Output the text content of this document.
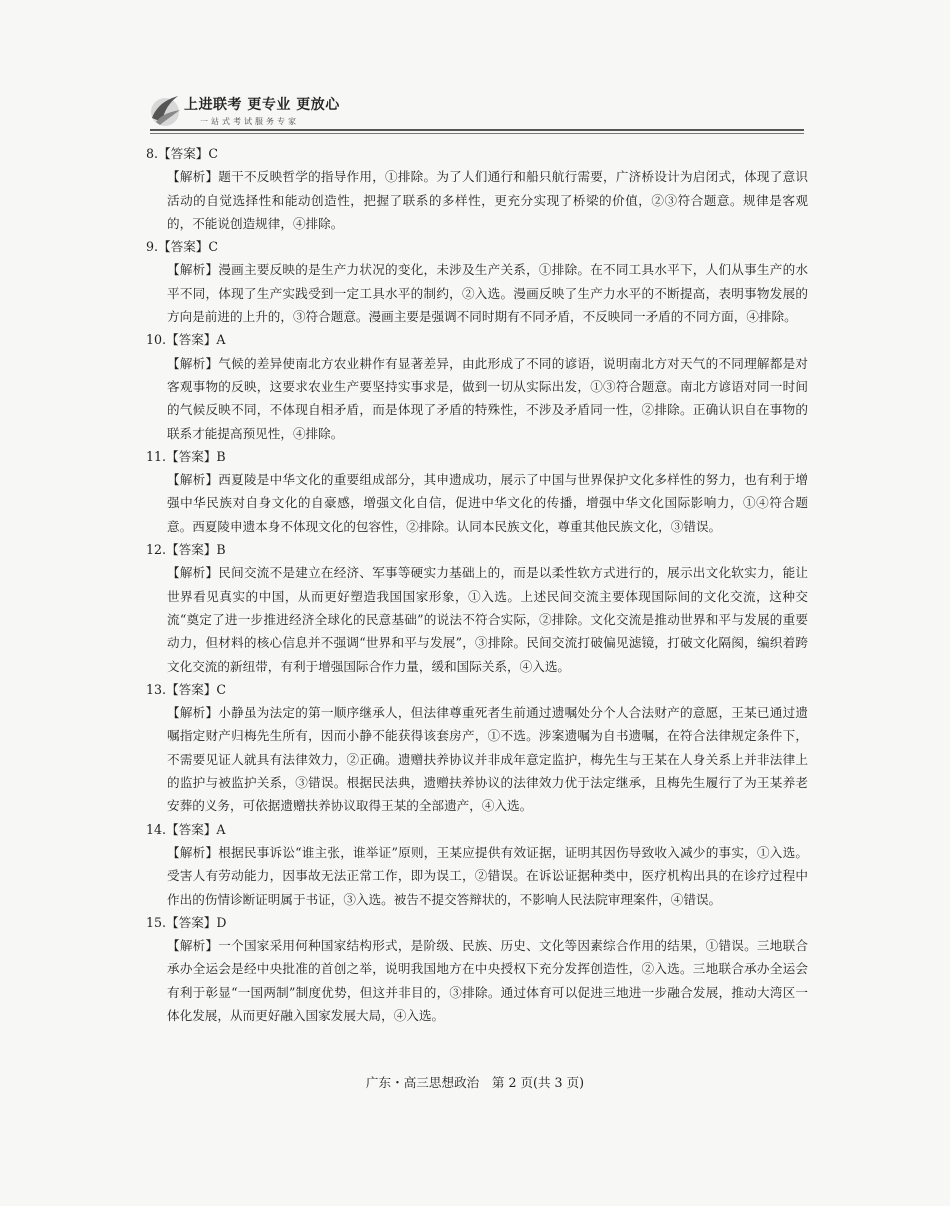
上进联考 更专业 更放心
一站式考试服务专家
8.【答案】C
【解析】题干不反映哲学的指导作用，①排除。为了人们通行和船只航行需要，广济桥设计为启闭式，体现了意识活动的自觉选择性和能动创造性，把握了联系的多样性，更充分实现了桥梁的价值，②③符合题意。规律是客观的，不能说创造规律，④排除。
9.【答案】C
【解析】漫画主要反映的是生产力状况的变化，未涉及生产关系，①排除。在不同工具水平下，人们从事生产的水平不同，体现了生产实践受到一定工具水平的制约，②入选。漫画反映了生产力水平的不断提高，表明事物发展的方向是前进的上升的，③符合题意。漫画主要是强调不同时期有不同矛盾，不反映同一矛盾的不同方面，④排除。
10.【答案】A
【解析】气候的差异使南北方农业耕作有显著差异，由此形成了不同的谚语，说明南北方对天气的不同理解都是对客观事物的反映，这要求农业生产要坚持实事求是，做到一切从实际出发，①③符合题意。南北方谚语对同一时间的气候反映不同，不体现自相矛盾，而是体现了矛盾的特殊性，不涉及矛盾同一性，②排除。正确认识自在事物的联系才能提高预见性，④排除。
11.【答案】B
【解析】西夏陵是中华文化的重要组成部分，其申遗成功，展示了中国与世界保护文化多样性的努力，也有利于增强中华民族对自身文化的自豪感，增强文化自信，促进中华文化的传播，增强中华文化国际影响力，①④符合题意。西夏陵申遗本身不体现文化的包容性，②排除。认同本民族文化，尊重其他民族文化，③错误。
12.【答案】B
【解析】民间交流不是建立在经济、军事等硬实力基础上的，而是以柔性软方式进行的，展示出文化软实力，能让世界看见真实的中国，从而更好塑造我国国家形象，①入选。上述民间交流主要体现国际间的文化交流，这种交流“奠定了进一步推进经济全球化的民意基础”的说法不符合实际，②排除。文化交流是推动世界和平与发展的重要动力，但材料的核心信息并不强调“世界和平与发展”，③排除。民间交流打破偏见滤镜，打破文化隔阂，编织着跨文化交流的新纽带，有利于增强国际合作力量，缓和国际关系，④入选。
13.【答案】C
【解析】小静虽为法定的第一顺序继承人，但法律尊重死者生前通过遗嘱处分个人合法财产的意愿，王某已通过遗嘱指定财产归梅先生所有，因而小静不能获得该套房产，①不选。涉案遗嘱为自书遗嘱，在符合法律规定条件下，不需要见证人就具有法律效力，②正确。遗赠扶养协议并非成年意定监护，梅先生与王某在人身关系上并非法律上的监护与被监护关系，③错误。根据民法典，遗赠扶养协议的法律效力优于法定继承，且梅先生履行了为王某养老安葬的义务，可依据遗赠扶养协议取得王某的全部遗产，④入选。
14.【答案】A
【解析】根据民事诉讼“谁主张，谁举证”原则，王某应提供有效证据，证明其因伤导致收入减少的事实，①入选。受害人有劳动能力，因事故无法正常工作，即为误工，②错误。在诉讼证据种类中，医疗机构出具的在诊疗过程中作出的伤情诊断证明属于书证，③入选。被告不提交答辩状的，不影响人民法院审理案件，④错误。
15.【答案】D
【解析】一个国家采用何种国家结构形式，是阶级、民族、历史、文化等因素综合作用的结果，①错误。三地联合承办全运会是经中央批准的首创之举，说明我国地方在中央授权下充分发挥创造性，②入选。三地联合承办全运会有利于彰显“一国两制”制度优势，但这并非目的，③排除。通过体育可以促进三地进一步融合发展，推动大湾区一体化发展，从而更好融入国家发展大局，④入选。
广东・高三思想政治　第 2 页(共 3 页)
